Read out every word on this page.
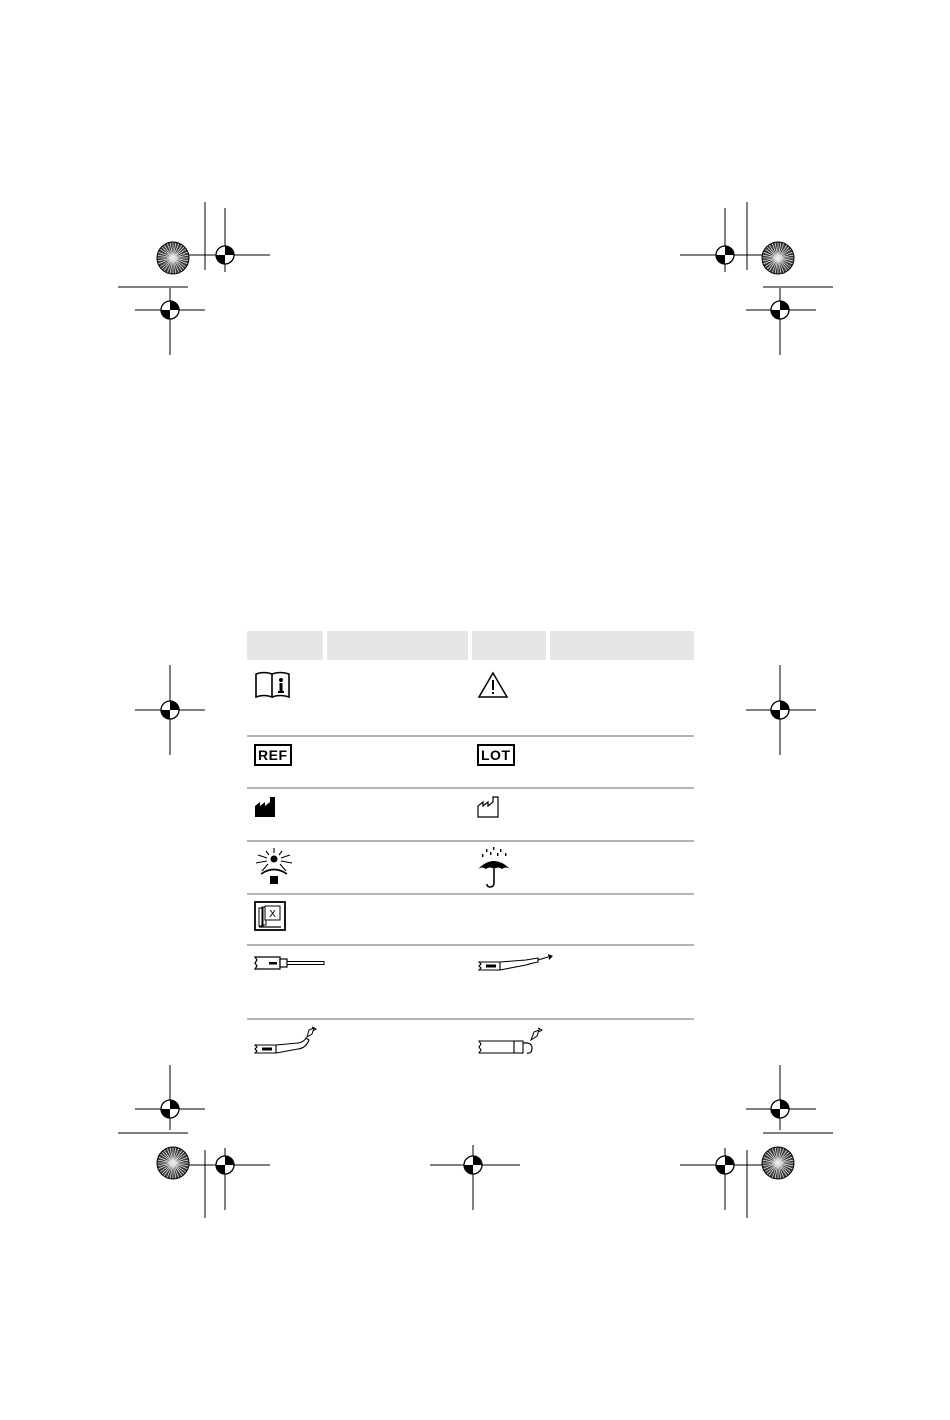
REF	LOT
X
